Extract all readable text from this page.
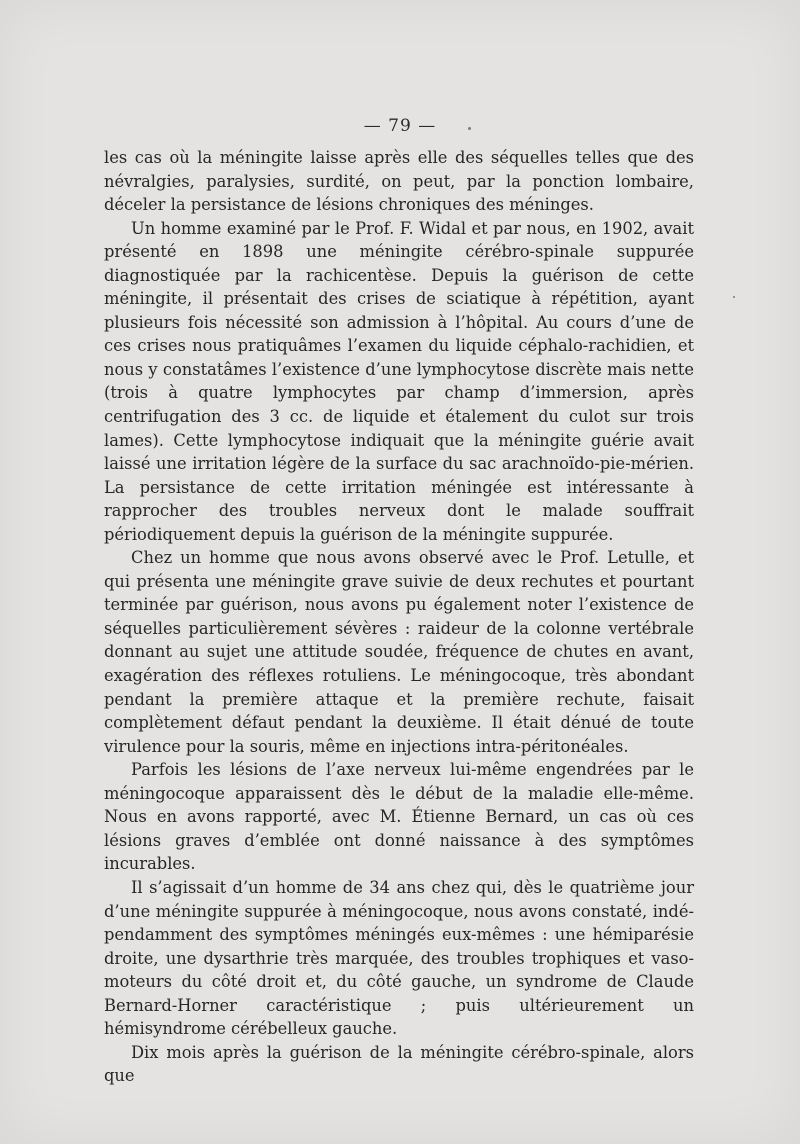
— 79 —

les cas où la méningite laisse après elle des séquelles telles que des névralgies, paralysies, surdité, on peut, par la ponction lombaire, déceler la persistance de lésions chroniques des méninges.

Un homme examiné par le Prof. F. Widal et par nous, en 1902, avait présenté en 1898 une méningite cérébro-spinale suppurée diagnostiquée par la rachicentèse. Depuis la guérison de cette méningite, il présentait des crises de sciatique à répétition, ayant plusieurs fois nécessité son admission à l’hôpital. Au cours d’une de ces crises nous pratiquâmes l’examen du liquide céphalo-rachidien, et nous y constatâmes l’existence d’une lymphocytose discrète mais nette (trois à quatre lymphocytes par champ d’immersion, après centrifugation des 3 cc. de liquide et étalement du culot sur trois lames). Cette lymphocytose indiquait que la méningite guérie avait laissé une irritation légère de la surface du sac arachnoïdo-pie-mérien. La persistance de cette irritation méningée est intéressante à rapprocher des troubles nerveux dont le malade souffrait périodiquement depuis la guérison de la méningite suppurée.

Chez un homme que nous avons observé avec le Prof. Letulle, et qui présenta une méningite grave suivie de deux rechutes et pourtant terminée par guérison, nous avons pu également noter l’existence de séquelles particulièrement sévères : raideur de la colonne vertébrale donnant au sujet une attitude soudée, fréquence de chutes en avant, exagération des réflexes rotuliens. Le méningocoque, très abondant pendant la première attaque et la première rechute, faisait complètement défaut pendant la deuxième. Il était dénué de toute virulence pour la souris, même en injections intra-péritonéales.

Parfois les lésions de l’axe nerveux lui-même engendrées par le méningocoque apparaissent dès le début de la maladie elle-même. Nous en avons rapporté, avec M. Étienne Bernard, un cas où ces lésions graves d’emblée ont donné naissance à des symptômes incurables.

Il s’agissait d’un homme de 34 ans chez qui, dès le quatrième jour d’une méningite suppurée à méningocoque, nous avons constaté, indépendamment des symptômes méningés eux-mêmes : une hémiparésie droite, une dysarthrie très marquée, des troubles trophiques et vasomoteurs du côté droit et, du côté gauche, un syndrome de Claude Bernard-Horner caractéristique ; puis ultérieurement un hémisyndrome cérébelleux gauche.

Dix mois après la guérison de la méningite cérébro-spinale, alors que
